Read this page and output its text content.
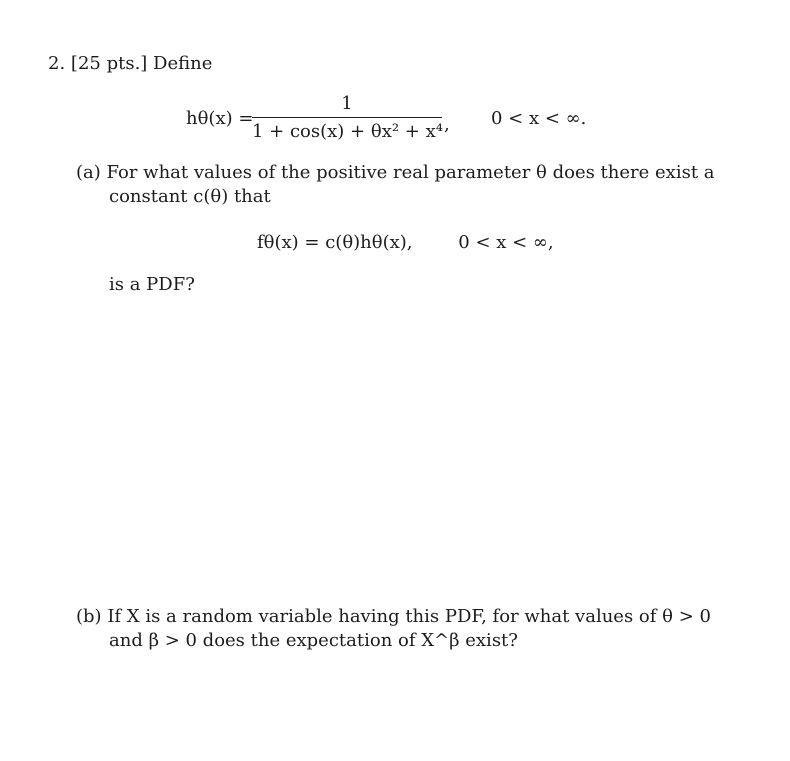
2. [25 pts.] Define
hθ(x) =
1
1 + cos(x) + θx² + x⁴ , 0 < x < ∞.
(a) For what values of the positive real parameter θ does there exist a
constant c(θ) that
fθ(x) = c(θ)hθ(x),	0 < x < ∞,
is a PDF?
(b) If X is a random variable having this PDF, for what values of θ > 0
and β > 0 does the expectation of X^β exist?
